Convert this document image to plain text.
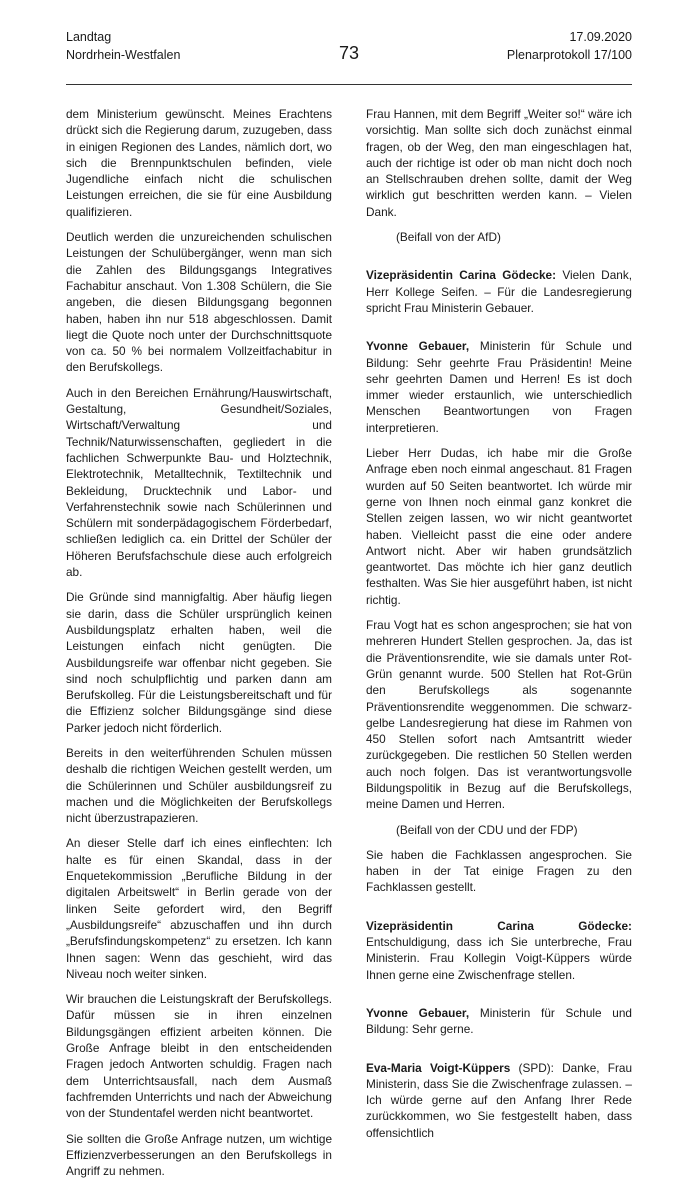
Landtag
Nordrhein-Westfalen	73
17.09.2020
Plenarprotokoll 17/100

dem Ministerium gewünscht. Meines Erachtens drückt sich die Regierung darum, zuzugeben, dass in einigen Regionen des Landes, nämlich dort, wo sich die Brennpunktschulen befinden, viele Jugendliche einfach nicht die schulischen Leistungen erreichen, die sie für eine Ausbildung qualifizieren.

Deutlich werden die unzureichenden schulischen Leistungen der Schulübergänger, wenn man sich die Zahlen des Bildungsgangs Integratives Fachabitur anschaut. Von 1.308 Schülern, die Sie angeben, die diesen Bildungsgang begonnen haben, haben ihn nur 518 abgeschlossen. Damit liegt die Quote noch unter der Durchschnittsquote von ca. 50 % bei normalem Vollzeitfachabitur in den Berufskollegs.

Auch in den Bereichen Ernährung/Hauswirtschaft, Gestaltung, Gesundheit/Soziales, Wirtschaft/Verwaltung und Technik/Naturwissenschaften, gegliedert in die fachlichen Schwerpunkte Bau- und Holztechnik, Elektrotechnik, Metalltechnik, Textiltechnik und Bekleidung, Drucktechnik und Labor- und Verfahrenstechnik sowie nach Schülerinnen und Schülern mit sonderpädagogischem Förderbedarf, schließen lediglich ca. ein Drittel der Schüler der Höheren Berufsfachschule diese auch erfolgreich ab.

Die Gründe sind mannigfaltig. Aber häufig liegen sie darin, dass die Schüler ursprünglich keinen Ausbildungsplatz erhalten haben, weil die Leistungen einfach nicht genügten. Die Ausbildungsreife war offenbar nicht gegeben. Sie sind noch schulpflichtig und parken dann am Berufskolleg. Für die Leistungsbereitschaft und für die Effizienz solcher Bildungsgänge sind diese Parker jedoch nicht förderlich.

Bereits in den weiterführenden Schulen müssen deshalb die richtigen Weichen gestellt werden, um die Schülerinnen und Schüler ausbildungsreif zu machen und die Möglichkeiten der Berufskollegs nicht überzustrapazieren.

An dieser Stelle darf ich eines einflechten: Ich halte es für einen Skandal, dass in der Enquetekommission „Berufliche Bildung in der digitalen Arbeitswelt“ in Berlin gerade von der linken Seite gefordert wird, den Begriff „Ausbildungsreife“ abzuschaffen und ihn durch „Berufsfindungskompetenz“ zu ersetzen. Ich kann Ihnen sagen: Wenn das geschieht, wird das Niveau noch weiter sinken.

Wir brauchen die Leistungskraft der Berufskollegs. Dafür müssen sie in ihren einzelnen Bildungsgängen effizient arbeiten können. Die Große Anfrage bleibt in den entscheidenden Fragen jedoch Antworten schuldig. Fragen nach dem Unterrichtsausfall, nach dem Ausmaß fachfremden Unterrichts und nach der Abweichung von der Stundentafel werden nicht beantwortet.

Sie sollten die Große Anfrage nutzen, um wichtige Effizienzverbesserungen an den Berufskollegs in Angriff zu nehmen.

Frau Hannen, mit dem Begriff „Weiter so!“ wäre ich vorsichtig. Man sollte sich doch zunächst einmal fragen, ob der Weg, den man eingeschlagen hat, auch der richtige ist oder ob man nicht doch noch an Stellschrauben drehen sollte, damit der Weg wirklich gut beschritten werden kann. – Vielen Dank.

(Beifall von der AfD)

Vizepräsidentin Carina Gödecke: Vielen Dank, Herr Kollege Seifen. – Für die Landesregierung spricht Frau Ministerin Gebauer.

Yvonne Gebauer, Ministerin für Schule und Bildung: Sehr geehrte Frau Präsidentin! Meine sehr geehrten Damen und Herren! Es ist doch immer wieder erstaunlich, wie unterschiedlich Menschen Beantwortungen von Fragen interpretieren.

Lieber Herr Dudas, ich habe mir die Große Anfrage eben noch einmal angeschaut. 81 Fragen wurden auf 50 Seiten beantwortet. Ich würde mir gerne von Ihnen noch einmal ganz konkret die Stellen zeigen lassen, wo wir nicht geantwortet haben. Vielleicht passt die eine oder andere Antwort nicht. Aber wir haben grundsätzlich geantwortet. Das möchte ich hier ganz deutlich festhalten. Was Sie hier ausgeführt haben, ist nicht richtig.

Frau Vogt hat es schon angesprochen; sie hat von mehreren Hundert Stellen gesprochen. Ja, das ist die Präventionsrendite, wie sie damals unter Rot-Grün genannt wurde. 500 Stellen hat Rot-Grün den Berufskollegs als sogenannte Präventionsrendite weggenommen. Die schwarz-gelbe Landesregierung hat diese im Rahmen von 450 Stellen sofort nach Amtsantritt wieder zurückgegeben. Die restlichen 50 Stellen werden auch noch folgen. Das ist verantwortungsvolle Bildungspolitik in Bezug auf die Berufskollegs, meine Damen und Herren.

(Beifall von der CDU und der FDP)

Sie haben die Fachklassen angesprochen. Sie haben in der Tat einige Fragen zu den Fachklassen gestellt.

Vizepräsidentin Carina Gödecke: Entschuldigung, dass ich Sie unterbreche, Frau Ministerin. Frau Kollegin Voigt-Küppers würde Ihnen gerne eine Zwischenfrage stellen.

Yvonne Gebauer, Ministerin für Schule und Bildung: Sehr gerne.

Eva-Maria Voigt-Küppers (SPD): Danke, Frau Ministerin, dass Sie die Zwischenfrage zulassen. – Ich würde gerne auf den Anfang Ihrer Rede zurückkommen, wo Sie festgestellt haben, dass offensichtlich
